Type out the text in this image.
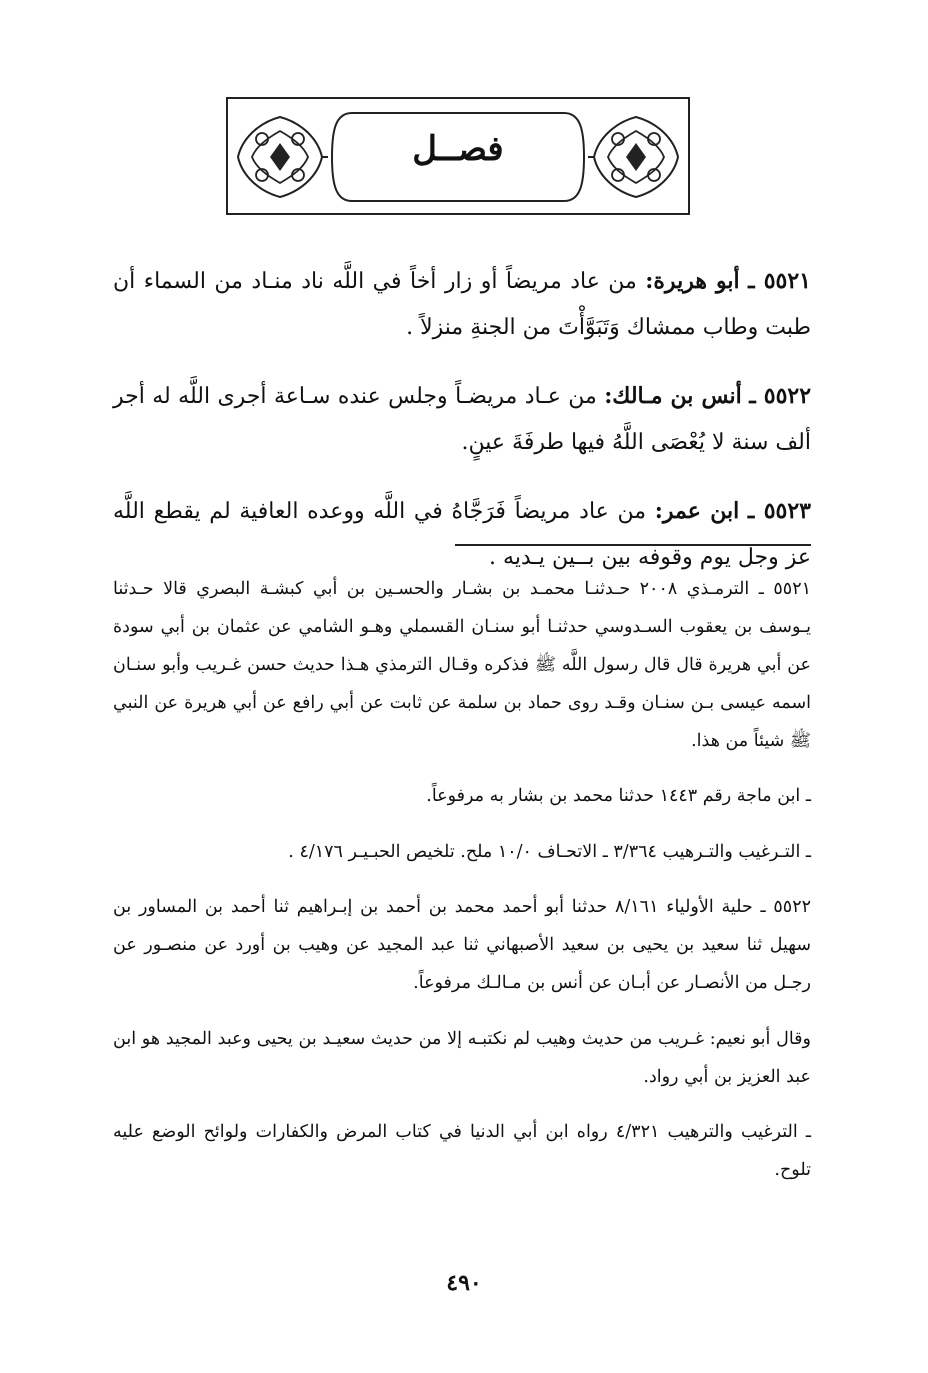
فصــل

٥٥٢١ ـ أبو هريرة: من عاد مريضاً أو زار أخاً في اللَّه ناد منـاد من السماء أن طبت وطاب ممشاك وَتَبَوَّأْتَ من الجنةِ منزلاً .

٥٥٢٢ ـ أنس بن مـالك: من عـاد مريضـاً وجلس عنده سـاعة أجرى اللَّه له أجر ألف سنة لا يُعْصَى اللَّهُ فيها طرفَةَ عينٍ.

٥٥٢٣ ـ ابن عمر: من عاد مريضاً فَرَجَّاهُ في اللَّه ووعده العافية لم يقطع اللَّه عز وجل يوم وقوفه بين بــين يـديه .

٥٥٢١ ـ الترمـذي ٢٠٠٨ حـدثنـا محمـد بن بشـار والحسـين بن أبي كبشـة البصري قالا حـدثنا يـوسف بن يعقوب السـدوسي حدثنـا أبو سنـان القسملي وهـو الشامي عن عثمان بن أبي سودة عن أبي هريرة قال قال رسول اللَّه ﷺ فذكره وقـال الترمذي هـذا حديث حسن غـريب وأبو سنـان اسمه عيسى بـن سنـان وقـد روى حماد بن سلمة عن ثابت عن أبي رافع عن أبي هريرة عن النبي ﷺ شيئاً من هذا.

ـ ابن ماجة رقم ١٤٤٣ حدثنا محمد بن بشار به مرفوعاً.

ـ التـرغيب والتـرهيب ٣/٣٦٤ ـ الاتحـاف ١٠/٠ ملح. تلخيص الحبـيـر ٤/١٧٦ .

٥٥٢٢ ـ حلية الأولياء ٨/١٦١ حدثنا أبو أحمد محمد بن أحمد بن إبـراهيم ثنا أحمد بن المساور بن سهيل ثنا سعيد بن يحيى بن سعيد الأصبهاني ثنا عبد المجيد عن وهيب بن أورد عن منصـور عن رجـل من الأنصـار عن أبـان عن أنس بن مـالـك مرفوعاً.

وقال أبو نعيم: غـريب من حديث وهيب لم نكتبـه إلا من حديث سعيـد بن يحيى وعبد المجيد هو ابن عبد العزيز بن أبي رواد.

ـ الترغيب والترهيب ٤/٣٢١ رواه ابن أبي الدنيا في كتاب المرض والكفارات ولوائح الوضع عليه تلوح.

٤٩٠
